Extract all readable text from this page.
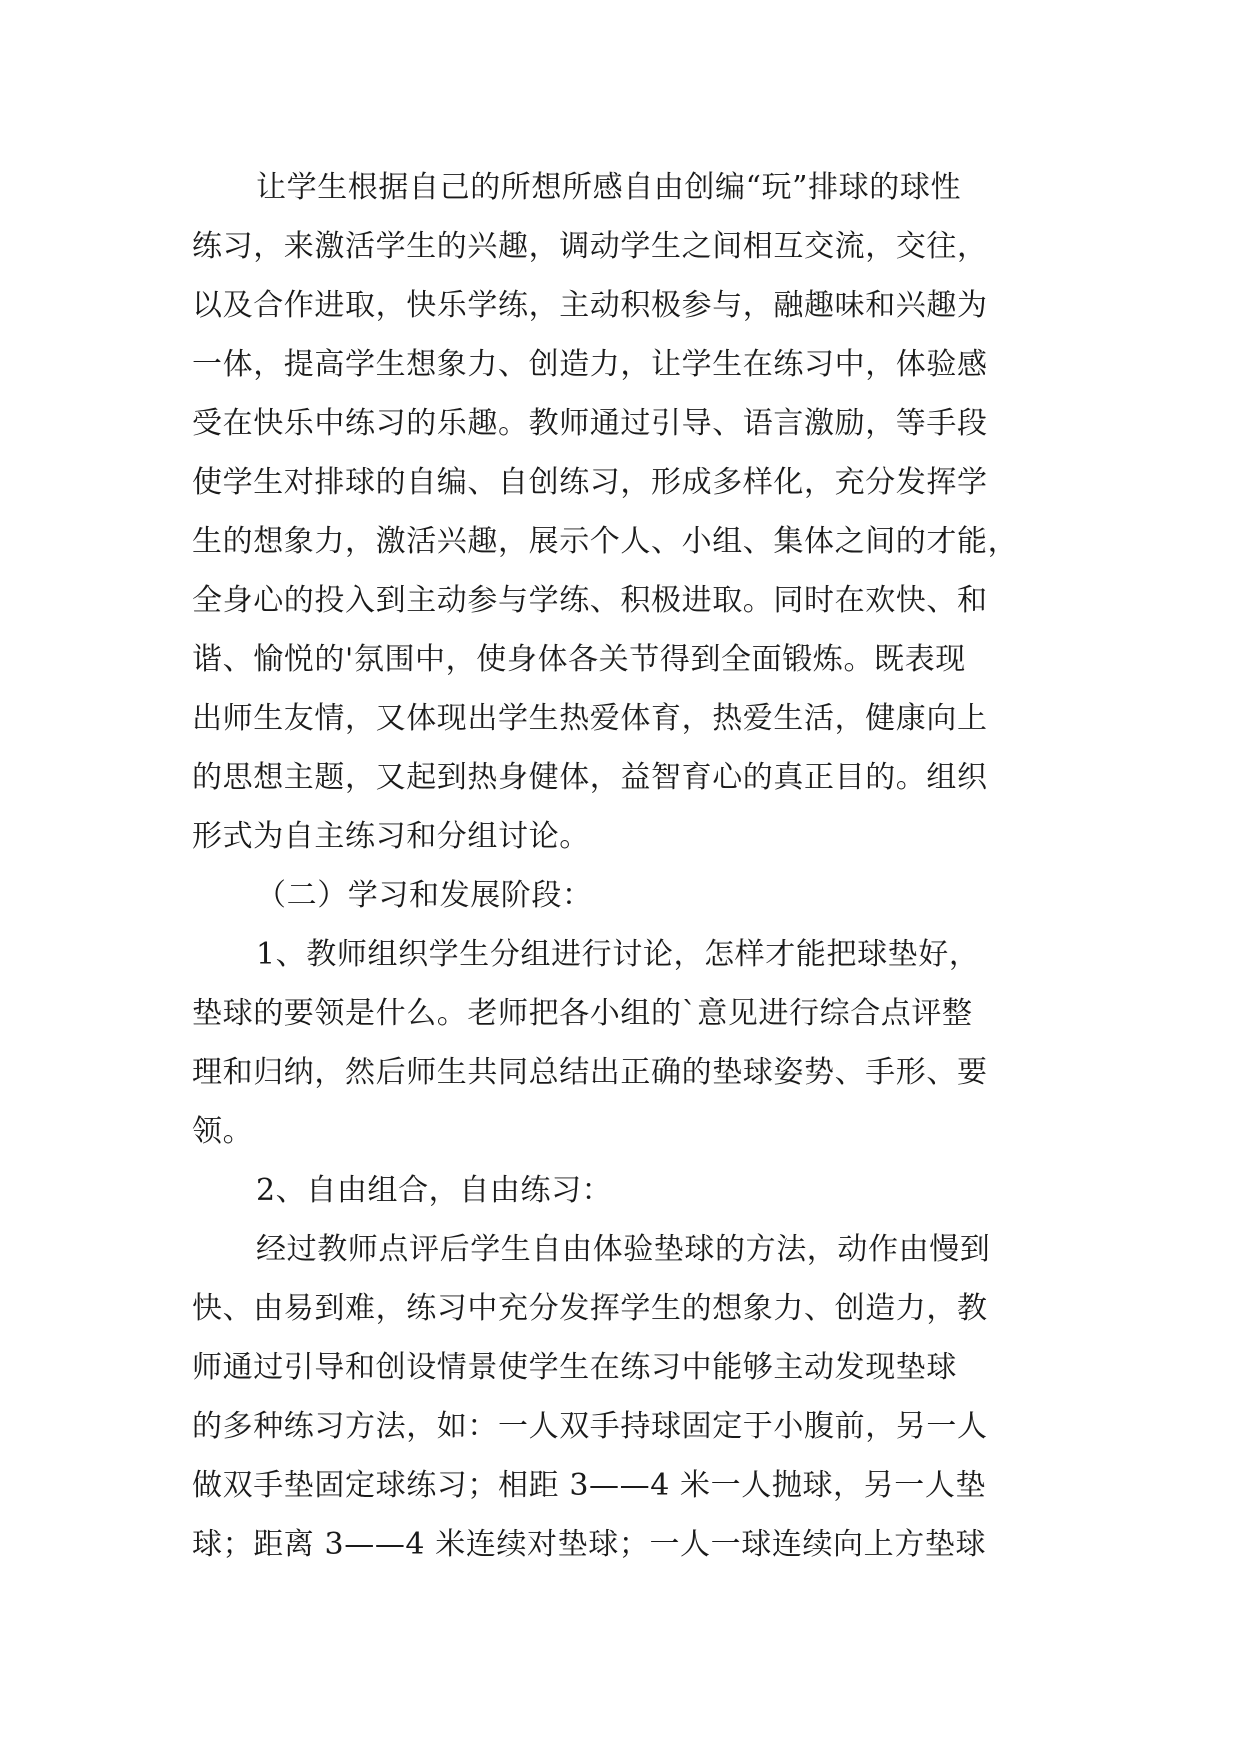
让学生根据自己的所想所感自由创编“玩”排球的球性
练习，来激活学生的兴趣，调动学生之间相互交流，交往，
以及合作进取，快乐学练，主动积极参与，融趣味和兴趣为
一体，提高学生想象力、创造力，让学生在练习中，体验感
受在快乐中练习的乐趣。教师通过引导、语言激励，等手段
使学生对排球的自编、自创练习，形成多样化，充分发挥学
生的想象力，激活兴趣，展示个人、小组、集体之间的才能，
全身心的投入到主动参与学练、积极进取。同时在欢快、和
谐、愉悦的'氛围中，使身体各关节得到全面锻炼。既表现
出师生友情，又体现出学生热爱体育，热爱生活，健康向上
的思想主题，又起到热身健体，益智育心的真正目的。组织
形式为自主练习和分组讨论。
（二）学习和发展阶段：
1、教师组织学生分组进行讨论，怎样才能把球垫好，
垫球的要领是什么。老师把各小组的`意见进行综合点评整
理和归纳，然后师生共同总结出正确的垫球姿势、手形、要
领。
2、自由组合，自由练习：
经过教师点评后学生自由体验垫球的方法，动作由慢到
快、由易到难，练习中充分发挥学生的想象力、创造力，教
师通过引导和创设情景使学生在练习中能够主动发现垫球
的多种练习方法，如：一人双手持球固定于小腹前，另一人
做双手垫固定球练习；相距 3——4 米一人抛球，另一人垫
球；距离 3——4 米连续对垫球；一人一球连续向上方垫球
